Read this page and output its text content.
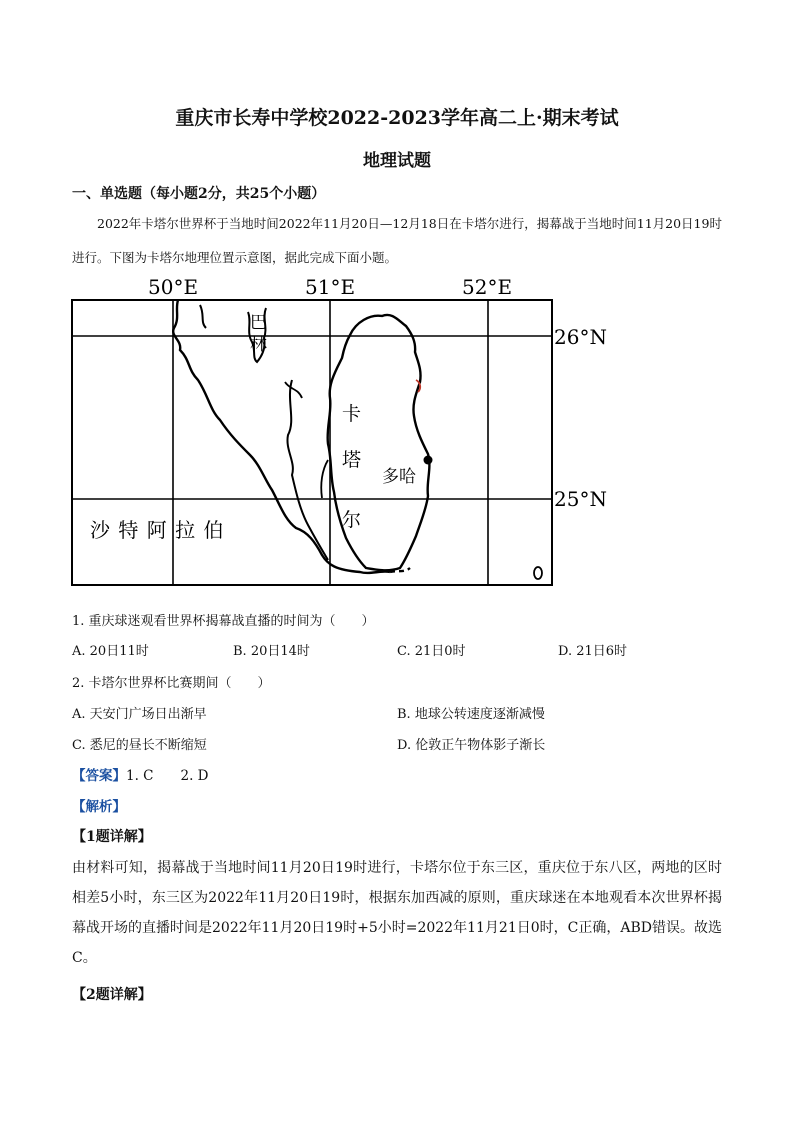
重庆市长寿中学校2022-2023学年高二上·期末考试
地理试题
一、单选题（每小题2分，共25个小题）

2022年卡塔尔世界杯于当地时间2022年11月20日—12月18日在卡塔尔进行，揭幕战于当地时间11月20日19时进行。下图为卡塔尔地理位置示意图，据此完成下面小题。

50°E	51°E	52°E
26°N
25°N
巴
林
卡
塔
尔
多哈
沙 特 阿 拉 伯
1. 重庆球迷观看世界杯揭幕战直播的时间为（　　）
A. 20日11时	B. 20日14时	C. 21日0时	D. 21日6时
2. 卡塔尔世界杯比赛期间（　　）
A. 天安门广场日出渐早	B. 地球公转速度逐渐减慢
C. 悉尼的昼长不断缩短	D. 伦敦正午物体影子渐长
【答案】1. C　　2. D
【解析】
【1题详解】
由材料可知，揭幕战于当地时间11月20日19时进行，卡塔尔位于东三区，重庆位于东八区，两地的区时相差5小时，东三区为2022年11月20日19时，根据东加西减的原则，重庆球迷在本地观看本次世界杯揭幕战开场的直播时间是2022年11月20日19时+5小时=2022年11月21日0时，C正确，ABD错误。故选C。
【2题详解】
